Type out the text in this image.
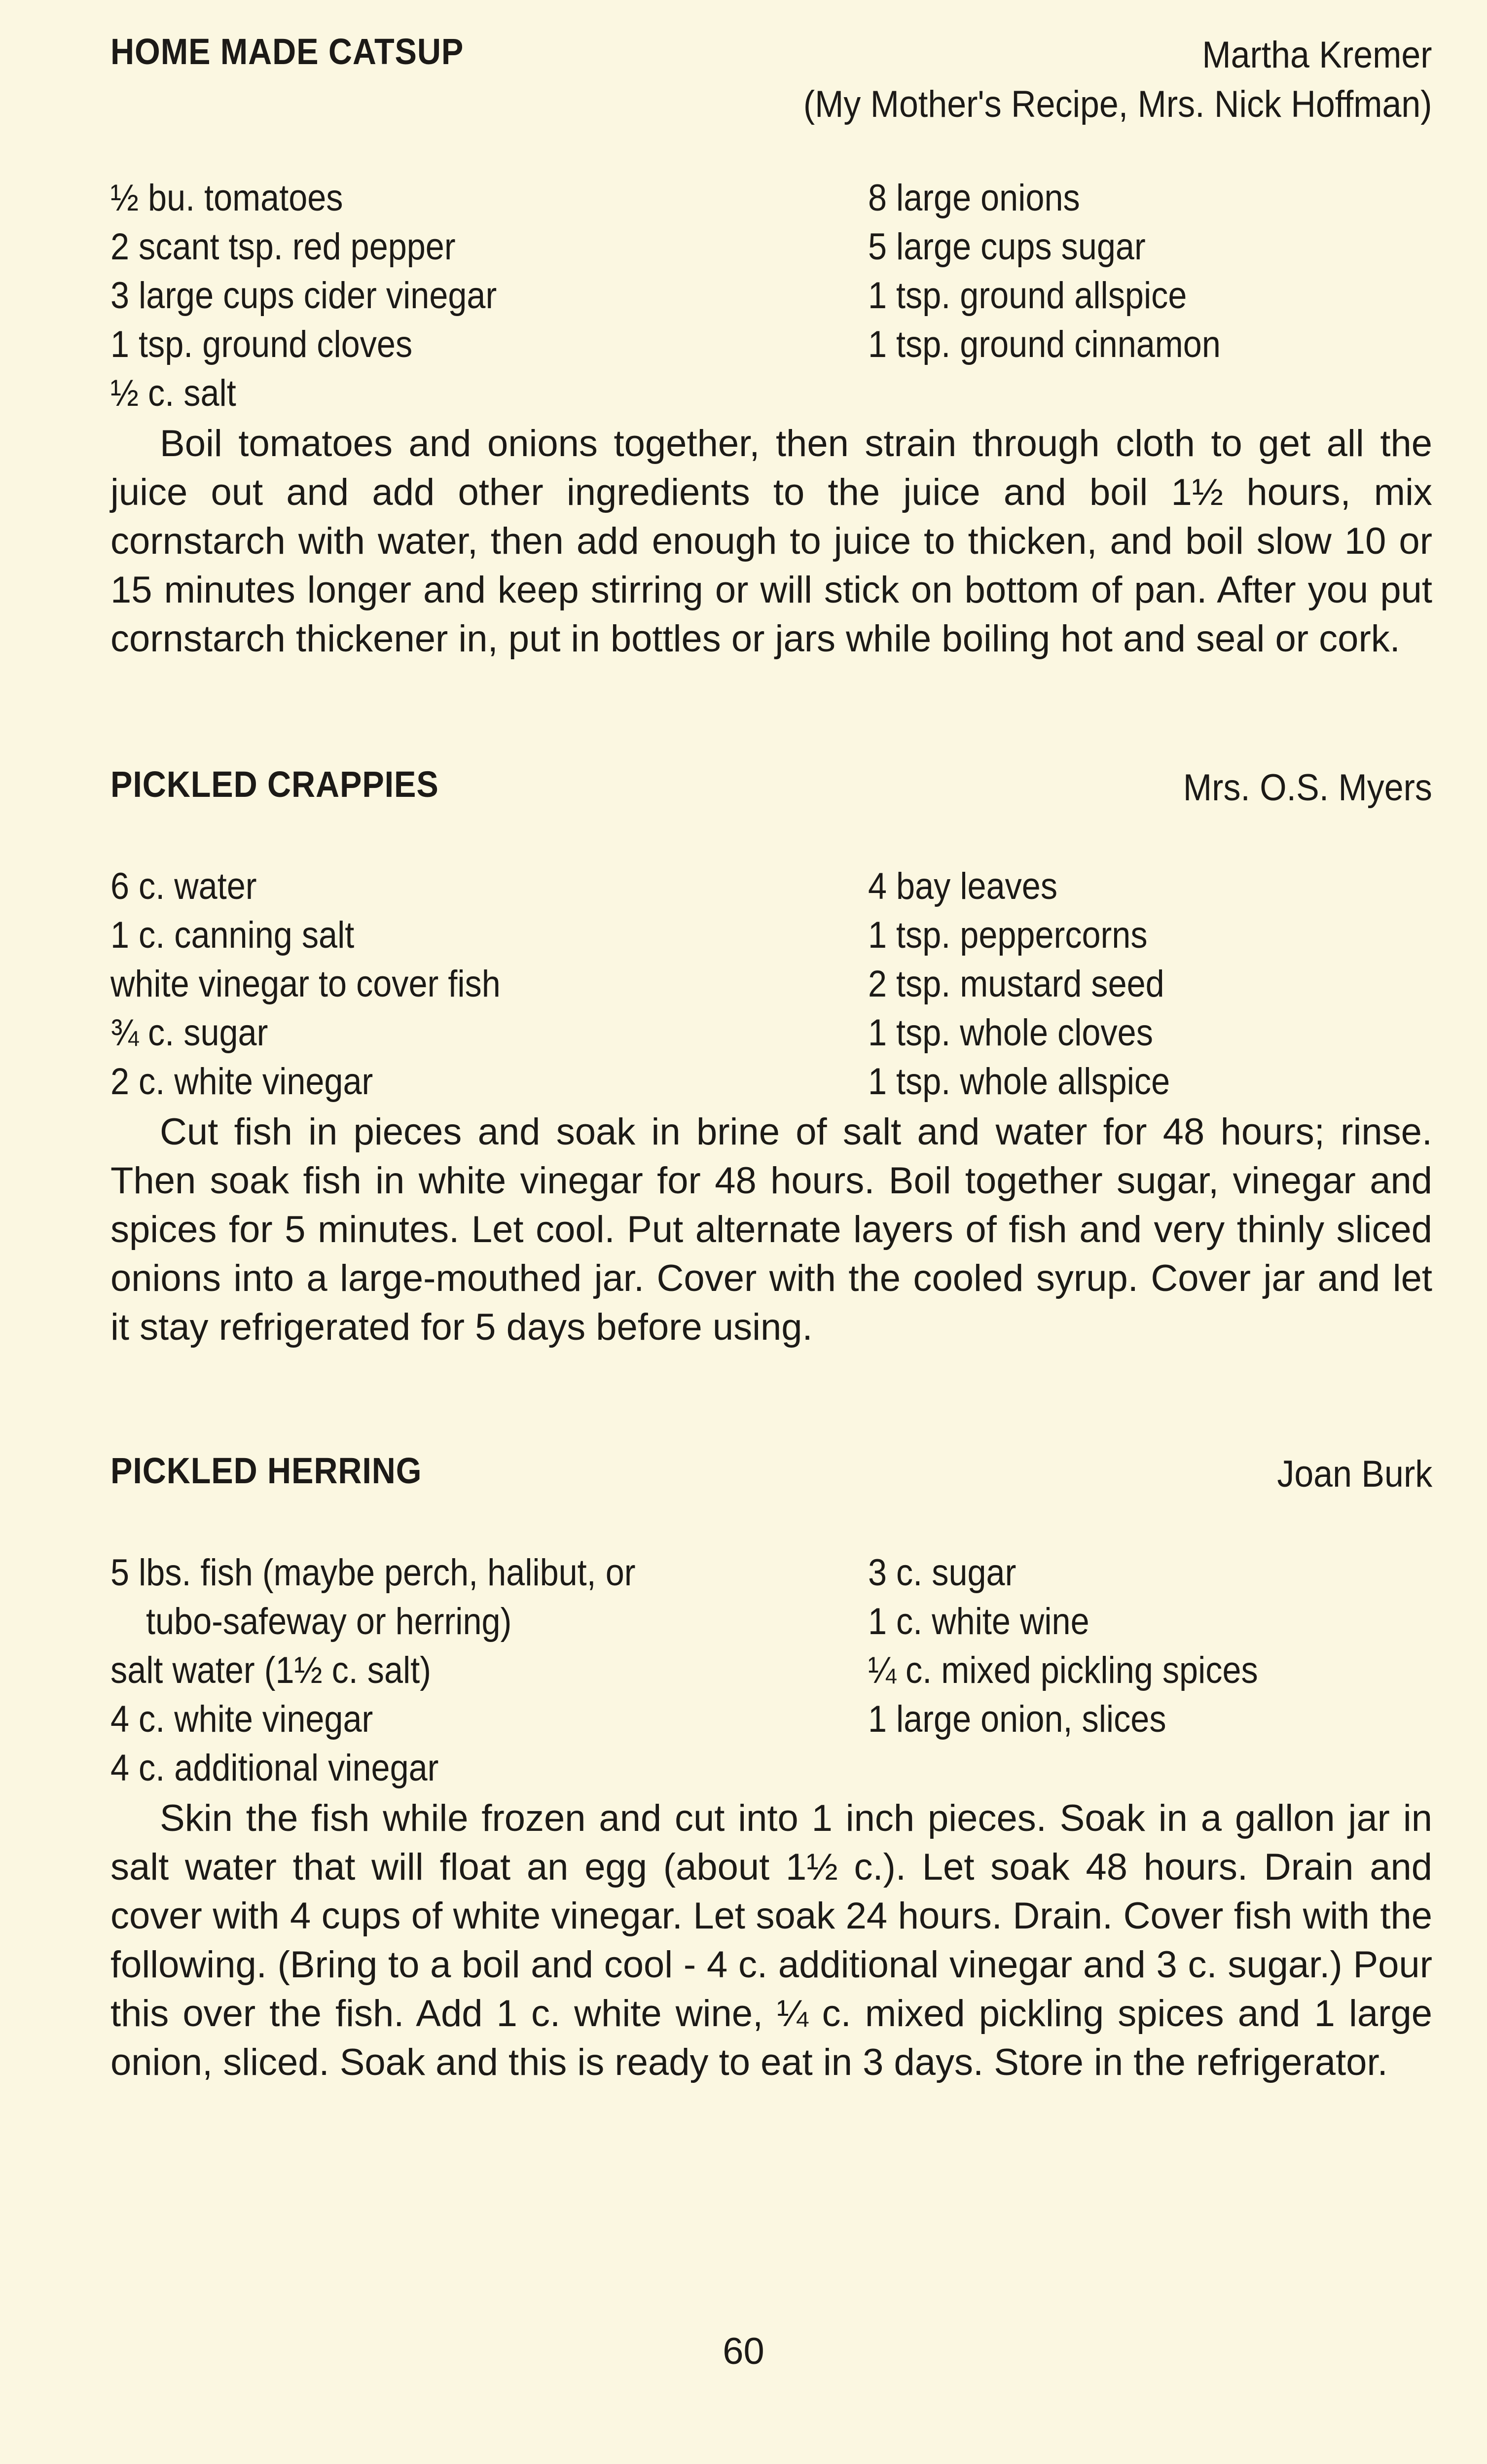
HOME MADE CATSUP	Martha Kremer
(My Mother's Recipe, Mrs. Nick Hoffman)
½ bu. tomatoes
2 scant tsp. red pepper
3 large cups cider vinegar
1 tsp. ground cloves
½ c. salt
8 large onions
5 large cups sugar
1 tsp. ground allspice
1 tsp. ground cinnamon
Boil tomatoes and onions together, then strain through cloth to get all the juice out and add other ingredients to the juice and boil 1½ hours, mix cornstarch with water, then add enough to juice to thicken, and boil slow 10 or 15 minutes longer and keep stirring or will stick on bottom of pan. After you put cornstarch thickener in, put in bottles or jars while boiling hot and seal or cork.
PICKLED CRAPPIES	Mrs. O.S. Myers
6 c. water
1 c. canning salt
white vinegar to cover fish
¾ c. sugar
2 c. white vinegar
4 bay leaves
1 tsp. peppercorns
2 tsp. mustard seed
1 tsp. whole cloves
1 tsp. whole allspice
Cut fish in pieces and soak in brine of salt and water for 48 hours; rinse. Then soak fish in white vinegar for 48 hours. Boil together sugar, vinegar and spices for 5 minutes. Let cool. Put alternate layers of fish and very thinly sliced onions into a large-mouthed jar. Cover with the cooled syrup. Cover jar and let it stay refrigerated for 5 days before using.
PICKLED HERRING	Joan Burk
5 lbs. fish (maybe perch, halibut, or
tubo-safeway or herring)
salt water (1½ c. salt)
4 c. white vinegar
4 c. additional vinegar
3 c. sugar
1 c. white wine
¼ c. mixed pickling spices
1 large onion, slices
Skin the fish while frozen and cut into 1 inch pieces. Soak in a gallon jar in salt water that will float an egg (about 1½ c.). Let soak 48 hours. Drain and cover with 4 cups of white vinegar. Let soak 24 hours. Drain. Cover fish with the following. (Bring to a boil and cool - 4 c. additional vinegar and 3 c. sugar.) Pour this over the fish. Add 1 c. white wine, ¼ c. mixed pickling spices and 1 large onion, sliced. Soak and this is ready to eat in 3 days. Store in the refrigerator.
60
